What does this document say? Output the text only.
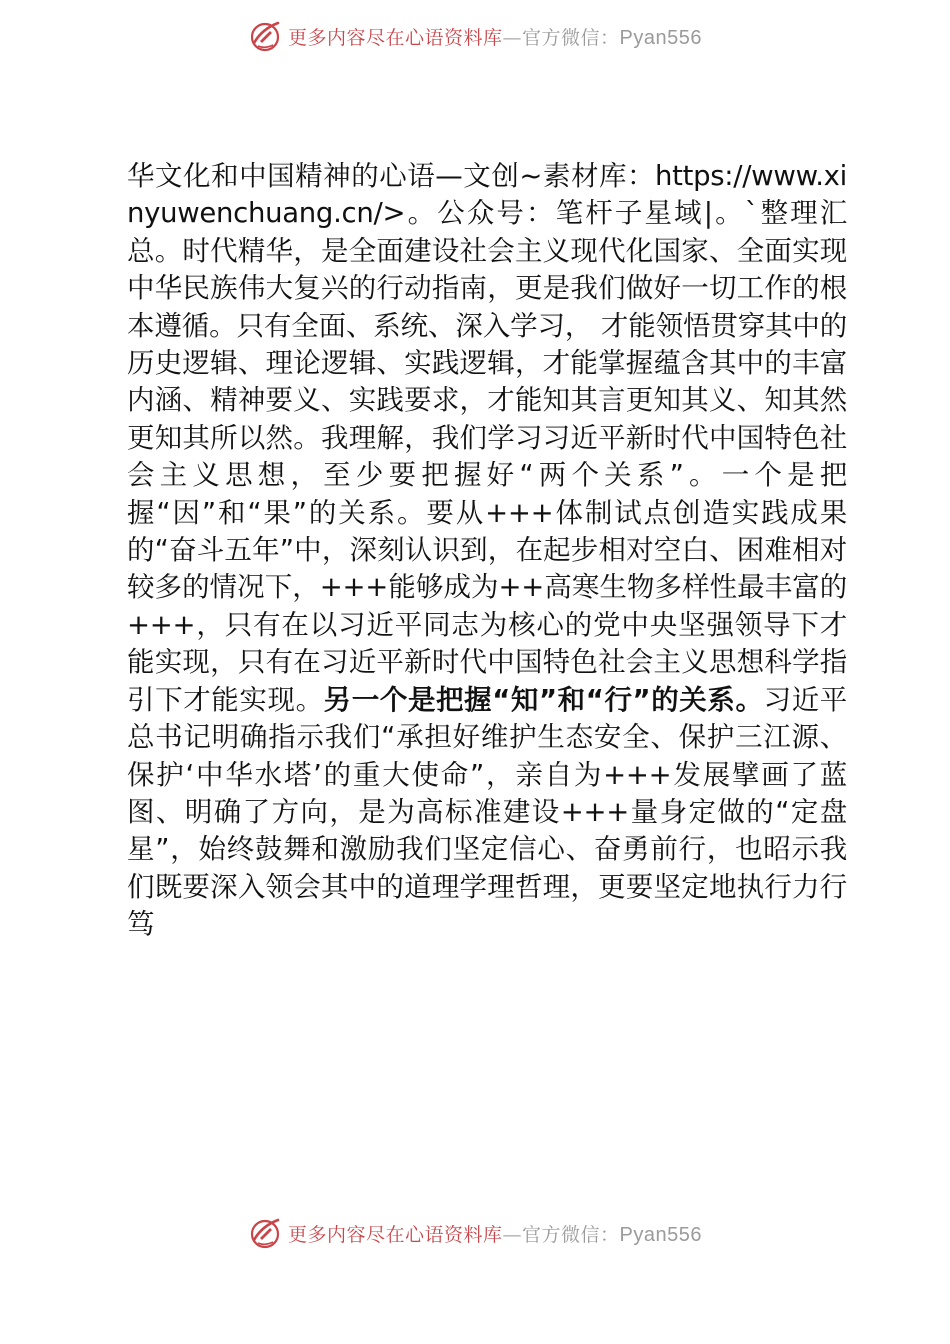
更多内容尽在心语资料库—官方微信：Pyan556
华文化和中国精神的心语—文创~素材库：https://www.xinyuwenchuang.cn/>。公众号：笔杆子星域|。`整理汇总。时代精华，是全面建设社会主义现代化国家、全面实现中华民族伟大复兴的行动指南，更是我们做好一切工作的根本遵循。只有全面、系统、深入学习， 才能领悟贯穿其中的历史逻辑、理论逻辑、实践逻辑，才能掌握蕴含其中的丰富内涵、精神要义、实践要求，才能知其言更知其义、知其然更知其所以然。我理解，我们学习习近平新时代中国特色社会主义思想，至少要把握好“两个关系”。一个是把握“因”和“果”的关系。要从+++体制试点创造实践成果的“奋斗五年”中，深刻认识到，在起步相对空白、困难相对较多的情况下，+++能够成为++高寒生物多样性最丰富的+++，只有在以习近平同志为核心的党中央坚强领导下才能实现，只有在习近平新时代中国特色社会主义思想科学指引下才能实现。另一个是把握“知”和“行”的关系。习近平总书记明确指示我们“承担好维护生态安全、保护三江源、保护‘中华水塔’的重大使命”，亲自为+++发展擘画了蓝图、明确了方向，是为高标准建设+++量身定做的“定盘星”，始终鼓舞和激励我们坚定信心、奋勇前行，也昭示我们既要深入领会其中的道理学理哲理，更要坚定地执行力行笃
更多内容尽在心语资料库—官方微信：Pyan556
